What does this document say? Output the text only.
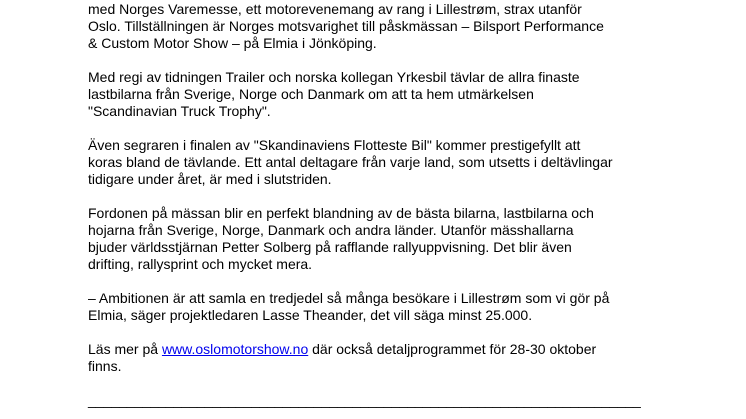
med Norges Varemesse, ett motorevenemang av rang i Lillestrøm, strax utanför
Oslo. Tillställningen är Norges motsvarighet till påskmässan – Bilsport Performance
& Custom Motor Show – på Elmia i Jönköping.

Med regi av tidningen Trailer och norska kollegan Yrkesbil tävlar de allra finaste
lastbilarna från Sverige, Norge och Danmark om att ta hem utmärkelsen
"Scandinavian Truck Trophy".

Även segraren i finalen av "Skandinaviens Flotteste Bil" kommer prestigefyllt att
koras bland de tävlande. Ett antal deltagare från varje land, som utsetts i deltävlingar
tidigare under året, är med i slutstriden.

Fordonen på mässan blir en perfekt blandning av de bästa bilarna, lastbilarna och
hojarna från Sverige, Norge, Danmark och andra länder. Utanför mässhallarna
bjuder världsstjärnan Petter Solberg på rafflande rallyuppvisning. Det blir även
drifting, rallysprint och mycket mera.

– Ambitionen är att samla en tredjedel så många besökare i Lillestrøm som vi gör på
Elmia, säger projektledaren Lasse Theander, det vill säga minst 25.000.

Läs mer på www.oslomotorshow.no där också detaljprogrammet för 28-30 oktober
finns.

_______________________________________________________________________
